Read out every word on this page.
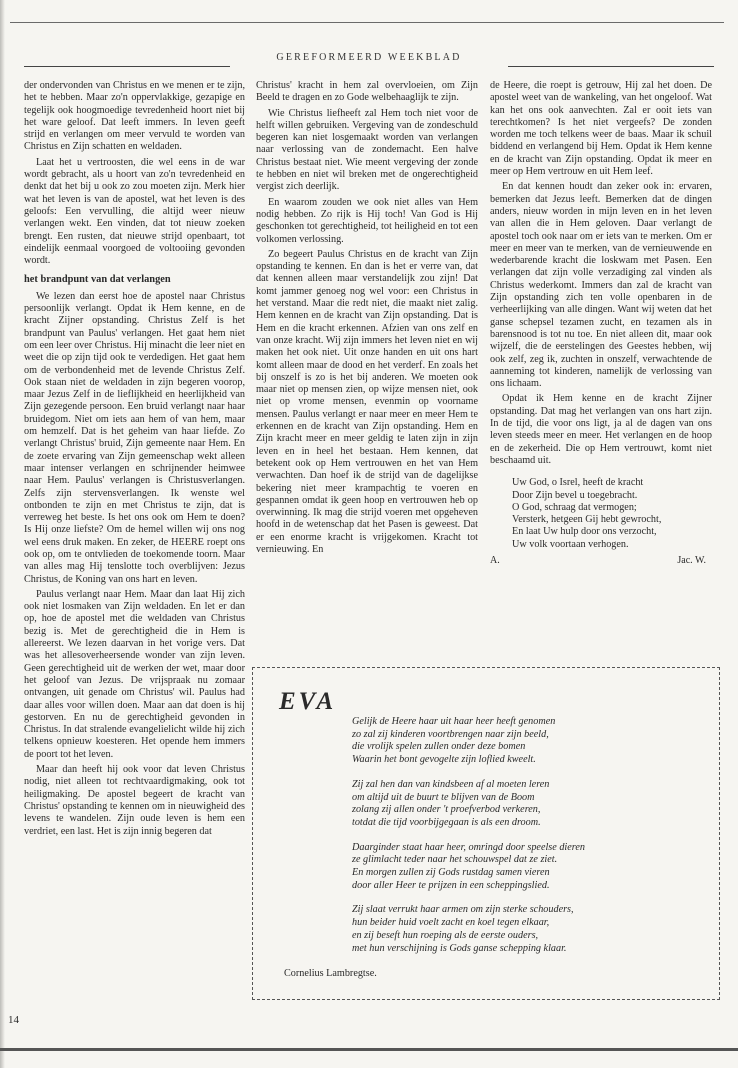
GEREFORMEERD WEEKBLAD

der ondervonden van Christus en we menen er te zijn, het te hebben. Maar zo'n oppervlakkige, gezapige en tegelijk ook hoogmoedige tevredenheid hoort niet bij het ware geloof. Dat leeft immers. In leven geeft strijd en verlangen om meer vervuld te worden van Christus en Zijn schatten en weldaden.

Laat het u vertroosten, die wel eens in de war wordt gebracht, als u hoort van zo'n tevredenheid en denkt dat het bij u ook zo zou moeten zijn. Merk hier wat het leven is van de apostel, wat het leven is des geloofs: Een vervulling, die altijd weer nieuw verlangen wekt. Een vinden, dat tot nieuw zoeken brengt. Een rusten, dat nieuwe strijd openbaart, tot eindelijk eenmaal voorgoed de voltooiing gevonden wordt.

het brandpunt van dat verlangen

We lezen dan eerst hoe de apostel naar Christus persoonlijk verlangt. Opdat ik Hem kenne, en de kracht Zijner opstanding. Christus Zelf is het brandpunt van Paulus' verlangen. Het gaat hem niet om een leer over Christus. Hij minacht die leer niet en weet die op zijn tijd ook te verdedigen. Het gaat hem om de verbondenheid met de levende Christus Zelf. Ook staan niet de weldaden in zijn begeren voorop, maar Jezus Zelf in de lieflijkheid en heerlijkheid van Zijn gezegende persoon. Een bruid verlangt naar haar bruidegom. Niet om iets aan hem of van hem, maar om hemzelf. Dat is het geheim van haar liefde. Zo verlangt Christus' bruid, Zijn gemeente naar Hem. En de zoete ervaring van Zijn gemeenschap wekt alleen maar intenser verlangen en schrijnender heimwee naar Hem. Paulus' verlangen is Christusverlangen. Zelfs zijn stervensverlangen. Ik wenste wel ontbonden te zijn en met Christus te zijn, dat is verreweg het beste. Is het ons ook om Hem te doen? Is Hij onze liefste? Om de hemel willen wij ons nog wel eens druk maken. En zeker, de HEERE roept ons ook op, om te ontvlieden de toekomende toorn. Maar van alles mag Hij tenslotte toch overblijven: Jezus Christus, de Koning van ons hart en leven.

Paulus verlangt naar Hem. Maar dan laat Hij zich ook niet losmaken van Zijn weldaden. En let er dan op, hoe de apostel met die weldaden van Christus bezig is. Met de gerechtigheid die in Hem is allereerst. We lezen daarvan in het vorige vers. Dat was het allesoverheersende wonder van zijn leven. Geen gerechtigheid uit de werken der wet, maar door het geloof van Jezus. De vrijspraak nu zomaar ontvangen, uit genade om Christus' wil. Paulus had daar alles voor willen doen. Maar aan dat doen is hij gestorven. En nu de gerechtigheid gevonden in Christus. In dat stralende evangelielicht wilde hij zich telkens opnieuw koesteren. Het opende hem immers de poort tot het leven.

Maar dan heeft hij ook voor dat leven Christus nodig, niet alleen tot rechtvaardigmaking, ook tot heiligmaking. De apostel begeert de kracht van Christus' opstanding te kennen om in nieuwigheid des levens te wandelen. Zijn oude leven is hem een verdriet, een last. Het is zijn innig begeren dat

Christus' kracht in hem zal overvloeien, om Zijn Beeld te dragen en zo Gode welbehaaglijk te zijn.

Wie Christus liefheeft zal Hem toch niet voor de helft willen gebruiken. Vergeving van de zondeschuld begeren kan niet losgemaakt worden van verlangen naar verlossing van de zondemacht. Een halve Christus bestaat niet. Wie meent vergeving der zonde te hebben en niet wil breken met de ongerechtigheid vergist zich deerlijk.

En waarom zouden we ook niet alles van Hem nodig hebben. Zo rijk is Hij toch! Van God is Hij geschonken tot gerechtigheid, tot heiligheid en tot een volkomen verlossing.

Zo begeert Paulus Christus en de kracht van Zijn opstanding te kennen. En dan is het er verre van, dat dat kennen alleen maar verstandelijk zou zijn! Dat komt jammer genoeg nog wel voor: een Christus in het verstand. Maar die redt niet, die maakt niet zalig. Hem kennen en de kracht van Zijn opstanding. Dat is Hem en die kracht erkennen. Afzien van ons zelf en van onze kracht. Wij zijn immers het leven niet en wij maken het ook niet. Uit onze handen en uit ons hart komt alleen maar de dood en het verderf. En zoals het bij onszelf is zo is het bij anderen. We moeten ook maar niet op mensen zien, op wijze mensen niet, ook niet op vrome mensen, evenmin op voorname mensen. Paulus verlangt er naar meer en meer Hem te erkennen en de kracht van Zijn opstanding. Hem en Zijn kracht meer en meer geldig te laten zijn in zijn leven en in heel het bestaan. Hem kennen, dat betekent ook op Hem vertrouwen en het van Hem verwachten. Dan hoef ik de strijd van de dagelijkse bekering niet meer krampachtig te voeren en gespannen omdat ik geen hoop en vertrouwen heb op overwinning. Ik mag die strijd voeren met opgeheven hoofd in de wetenschap dat het Pasen is geweest. Dat er een enorme kracht is vrijgekomen. Kracht tot vernieuwing. En

de Heere, die roept is getrouw, Hij zal het doen. De apostel weet van de wankeling, van het ongeloof. Wat kan het ons ook aanvechten. Zal er ooit iets van terechtkomen? Is het niet vergeefs? De zonden worden me toch telkens weer de baas. Maar ik schuil biddend en verlangend bij Hem. Opdat ik Hem kenne en de kracht van Zijn opstanding. Opdat ik meer en meer op Hem vertrouw en uit Hem leef.

En dat kennen houdt dan zeker ook in: ervaren, bemerken dat Jezus leeft. Bemerken dat de dingen anders, nieuw worden in mijn leven en in het leven van allen die in Hem geloven. Daar verlangt de apostel toch ook naar om er iets van te merken. Om er meer en meer van te merken, van de vernieuwende en wederbarende kracht die loskwam met Pasen. Een verlangen dat zijn volle verzadiging zal vinden als Christus wederkomt. Immers dan zal de kracht van Zijn opstanding zich ten volle openbaren in de verheerlijking van alle dingen. Want wij weten dat het ganse schepsel tezamen zucht, en tezamen als in barensnood is tot nu toe. En niet alleen dit, maar ook wijzelf, die de eerstelingen des Geestes hebben, wij ook zelf, zeg ik, zuchten in onszelf, verwachtende de aanneming tot kinderen, namelijk de verlossing van ons lichaam.

Opdat ik Hem kenne en de kracht Zijner opstanding. Dat mag het verlangen van ons hart zijn. In de tijd, die voor ons ligt, ja al de dagen van ons leven steeds meer en meer. Het verlangen en de hoop en de zekerheid. Die op Hem vertrouwt, komt niet beschaamd uit.

Uw God, o Isrel, heeft de kracht
Door Zijn bevel u toegebracht.
O God, schraag dat vermogen;
Versterk, hetgeen Gij hebt gewrocht,
En laat Uw hulp door ons verzocht,
Uw volk voortaan verhogen.
A.	Jac. W.
EVA
Gelijk de Heere haar uit haar heer heeft genomen
zo zal zij kinderen voortbrengen naar zijn beeld,
die vrolijk spelen zullen onder deze bomen
Waarin het bont gevogelte zijn loflied kweelt.
Zij zal hen dan van kindsbeen af al moeten leren
om altijd uit de buurt te blijven van de Boom
zolang zij allen onder 't proefverbod verkeren,
totdat die tijd voorbijgegaan is als een droom.
Daarginder staat haar heer, omringd door speelse dieren
ze glimlacht teder naar het schouwspel dat ze ziet.
En morgen zullen zij Gods rustdag samen vieren
door aller Heer te prijzen in een scheppingslied.
Zij slaat verrukt haar armen om zijn sterke schouders,
hun beider huid voelt zacht en koel tegen elkaar,
en zij beseft hun roeping als de eerste ouders,
met hun verschijning is Gods ganse schepping klaar.
Cornelius Lambregtse.
14
